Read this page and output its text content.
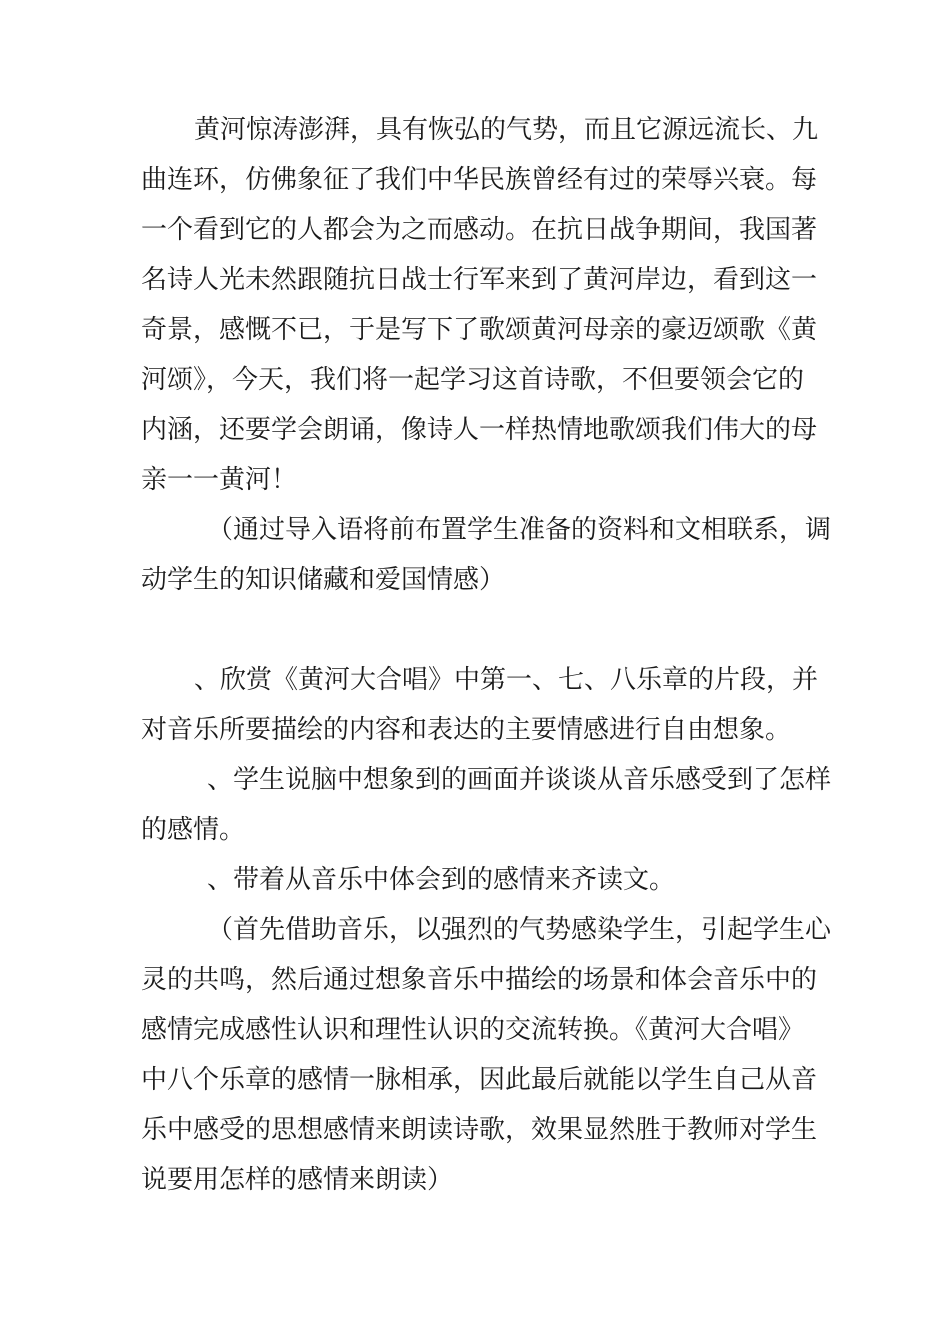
黄河惊涛澎湃，具有恢弘的气势，而且它源远流长、九

曲连环，仿佛象征了我们中华民族曾经有过的荣辱兴衰。每

一个看到它的人都会为之而感动。在抗日战争期间，我国著

名诗人光未然跟随抗日战士行军来到了黄河岸边，看到这一

奇景，感慨不已，于是写下了歌颂黄河母亲的豪迈颂歌《黄

河颂》，今天，我们将一起学习这首诗歌，不但要领会它的

内涵，还要学会朗诵，像诗人一样热情地歌颂我们伟大的母

亲一一黄河！

（通过导入语将前布置学生准备的资料和文相联系，调

动学生的知识储藏和爱国情感）

、欣赏《黄河大合唱》中第一、七、八乐章的片段，并

对音乐所要描绘的内容和表达的主要情感进行自由想象。

、学生说脑中想象到的画面并谈谈从音乐感受到了怎样

的感情。

、带着从音乐中体会到的感情来齐读文。

（首先借助音乐，以强烈的气势感染学生，引起学生心

灵的共鸣，然后通过想象音乐中描绘的场景和体会音乐中的

感情完成感性认识和理性认识的交流转换。《黄河大合唱》

中八个乐章的感情一脉相承，因此最后就能以学生自己从音

乐中感受的思想感情来朗读诗歌，效果显然胜于教师对学生

说要用怎样的感情来朗读）
